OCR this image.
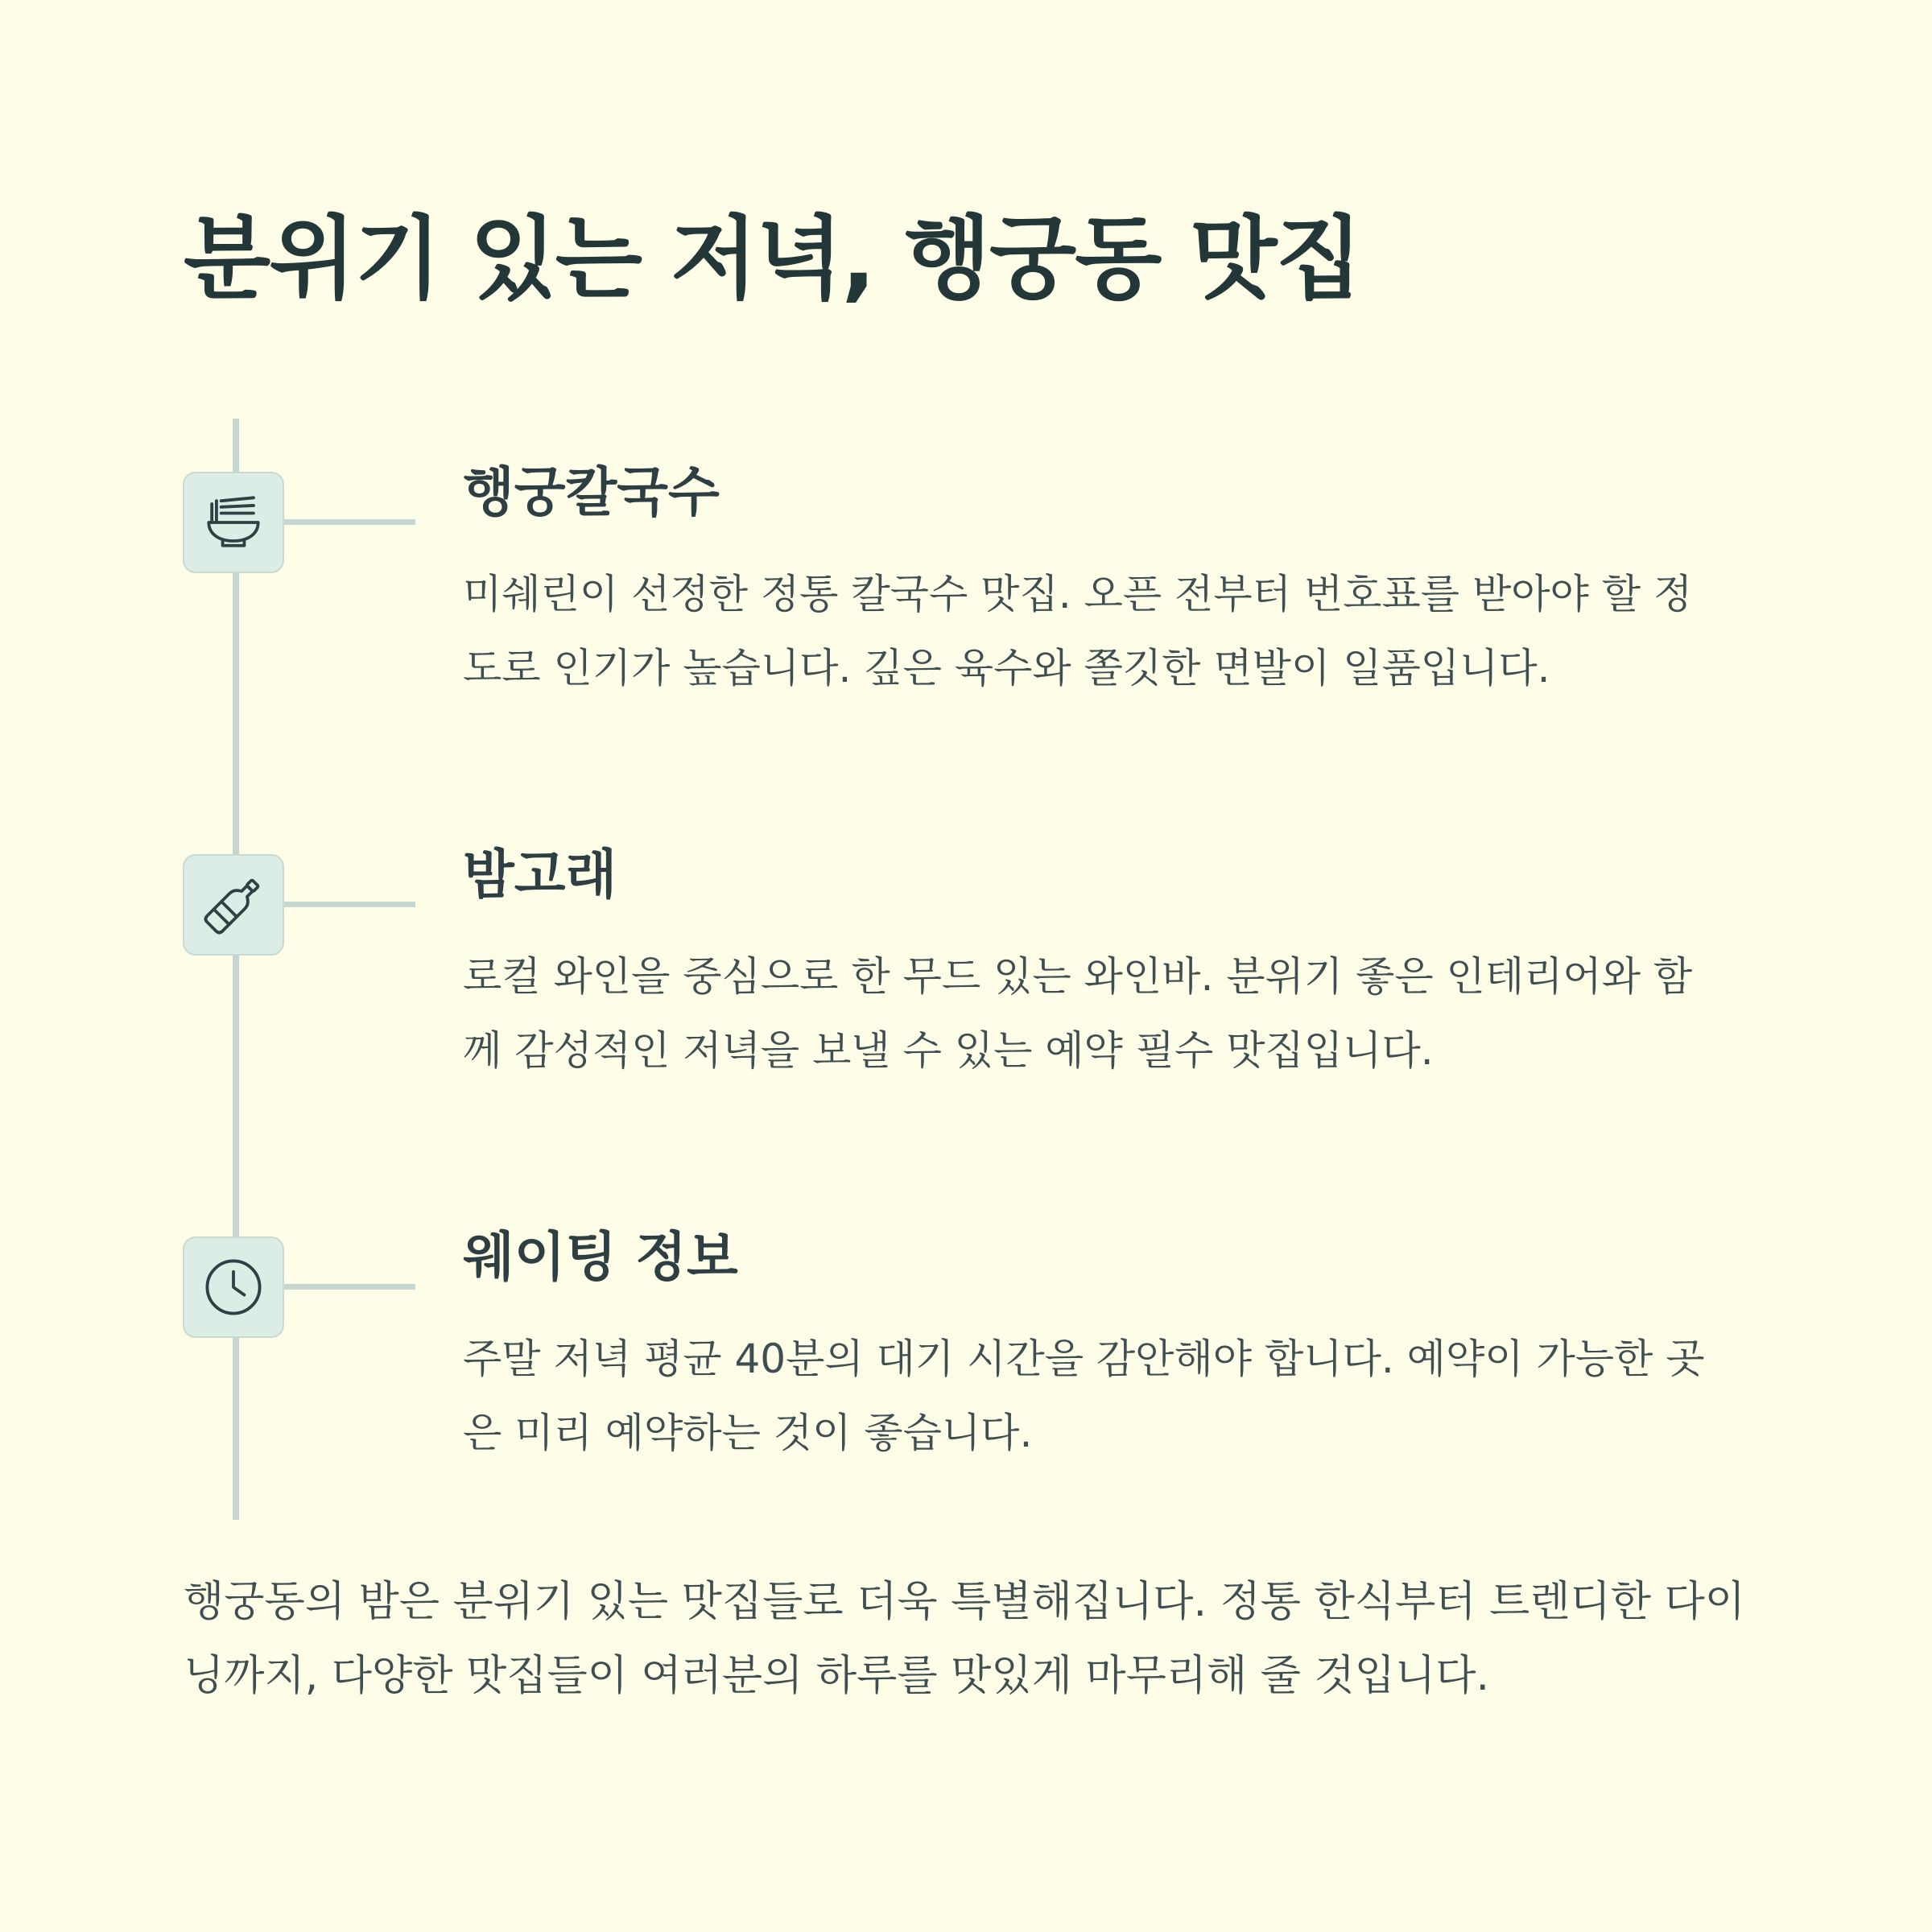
분위기 있는 저녁, 행궁동 맛집
행궁칼국수

미쉐린이 선정한 정통 칼국수 맛집. 오픈 전부터 번호표를 받아야 할 정도로 인기가 높습니다. 깊은 육수와 쫄깃한 면발이 일품입니다.

밤고래

로컬 와인을 중심으로 한 무드 있는 와인바. 분위기 좋은 인테리어와 함께 감성적인 저녁을 보낼 수 있는 예약 필수 맛집입니다.

웨이팅 정보

주말 저녁 평균 40분의 대기 시간을 감안해야 합니다. 예약이 가능한 곳은 미리 예약하는 것이 좋습니다.

행궁동의 밤은 분위기 있는 맛집들로 더욱 특별해집니다. 정통 한식부터 트렌디한 다이닝까지, 다양한 맛집들이 여러분의 하루를 맛있게 마무리해 줄 것입니다.
